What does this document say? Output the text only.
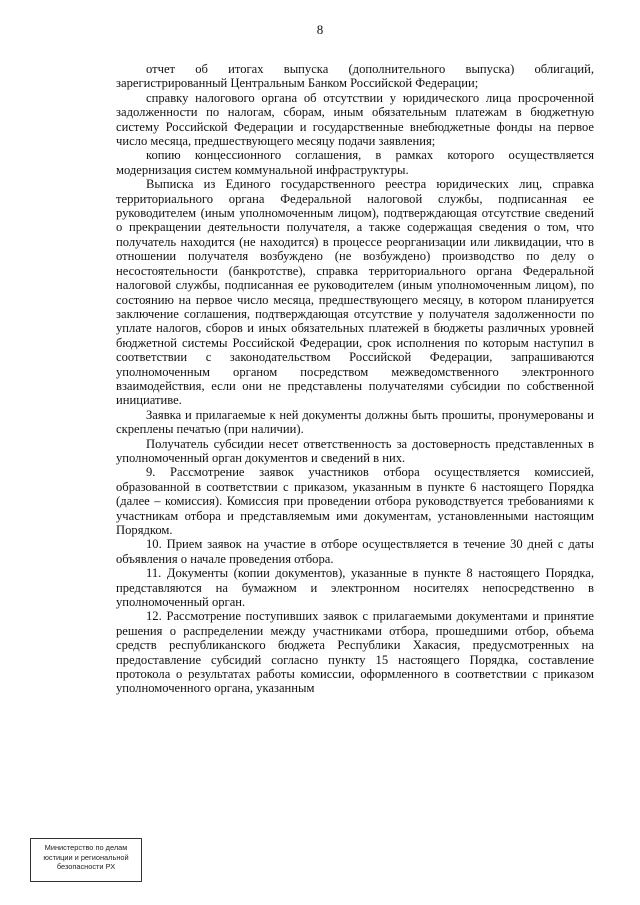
8

отчет об итогах выпуска (дополнительного выпуска) облигаций, зарегистрированный Центральным Банком Российской Федерации;

справку налогового органа об отсутствии у юридического лица просроченной задолженности по налогам, сборам, иным обязательным платежам в бюджетную систему Российской Федерации и государственные внебюджетные фонды на первое число месяца, предшествующего месяцу подачи заявления;

копию концессионного соглашения, в рамках которого осуществляется модернизация систем коммунальной инфраструктуры.

Выписка из Единого государственного реестра юридических лиц, справка территориального органа Федеральной налоговой службы, подписанная ее руководителем (иным уполномоченным лицом), подтверждающая отсутствие сведений о прекращении деятельности получателя, а также содержащая сведения о том, что получатель находится (не находится) в процессе реорганизации или ликвидации, что в отношении получателя возбуждено (не возбуждено) производство по делу о несостоятельности (банкротстве), справка территориального органа Федеральной налоговой службы, подписанная ее руководителем (иным уполномоченным лицом), по состоянию на первое число месяца, предшествующего месяцу, в котором планируется заключение соглашения, подтверждающая отсутствие у получателя задолженности по уплате налогов, сборов и иных обязательных платежей в бюджеты различных уровней бюджетной системы Российской Федерации, срок исполнения по которым наступил в соответствии с законодательством Российской Федерации, запрашиваются уполномоченным органом посредством межведомственного электронного взаимодействия, если они не представлены получателями субсидии по собственной инициативе.

Заявка и прилагаемые к ней документы должны быть прошиты, пронумерованы и скреплены печатью (при наличии).

Получатель субсидии несет ответственность за достоверность представленных в уполномоченный орган документов и сведений в них.

9. Рассмотрение заявок участников отбора осуществляется комиссией, образованной в соответствии с приказом, указанным в пункте 6 настоящего Порядка (далее – комиссия). Комиссия при проведении отбора руководствуется требованиями к участникам отбора и представляемым ими документам, установленными настоящим Порядком.

10. Прием заявок на участие в отборе осуществляется в течение 30 дней с даты объявления о начале проведения отбора.

11. Документы (копии документов), указанные в пункте 8 настоящего Порядка, представляются на бумажном и электронном носителях непосредственно в уполномоченный орган.

12. Рассмотрение поступивших заявок с прилагаемыми документами и принятие решения о распределении между участниками отбора, прошедшими отбор, объема средств республиканского бюджета Республики Хакасия, предусмотренных на предоставление субсидий согласно пункту 15 настоящего Порядка, составление протокола о результатах работы комиссии, оформленного в соответствии с приказом уполномоченного органа, указанным

Министерство по делам
юстиции и региональной
безопасности РХ
